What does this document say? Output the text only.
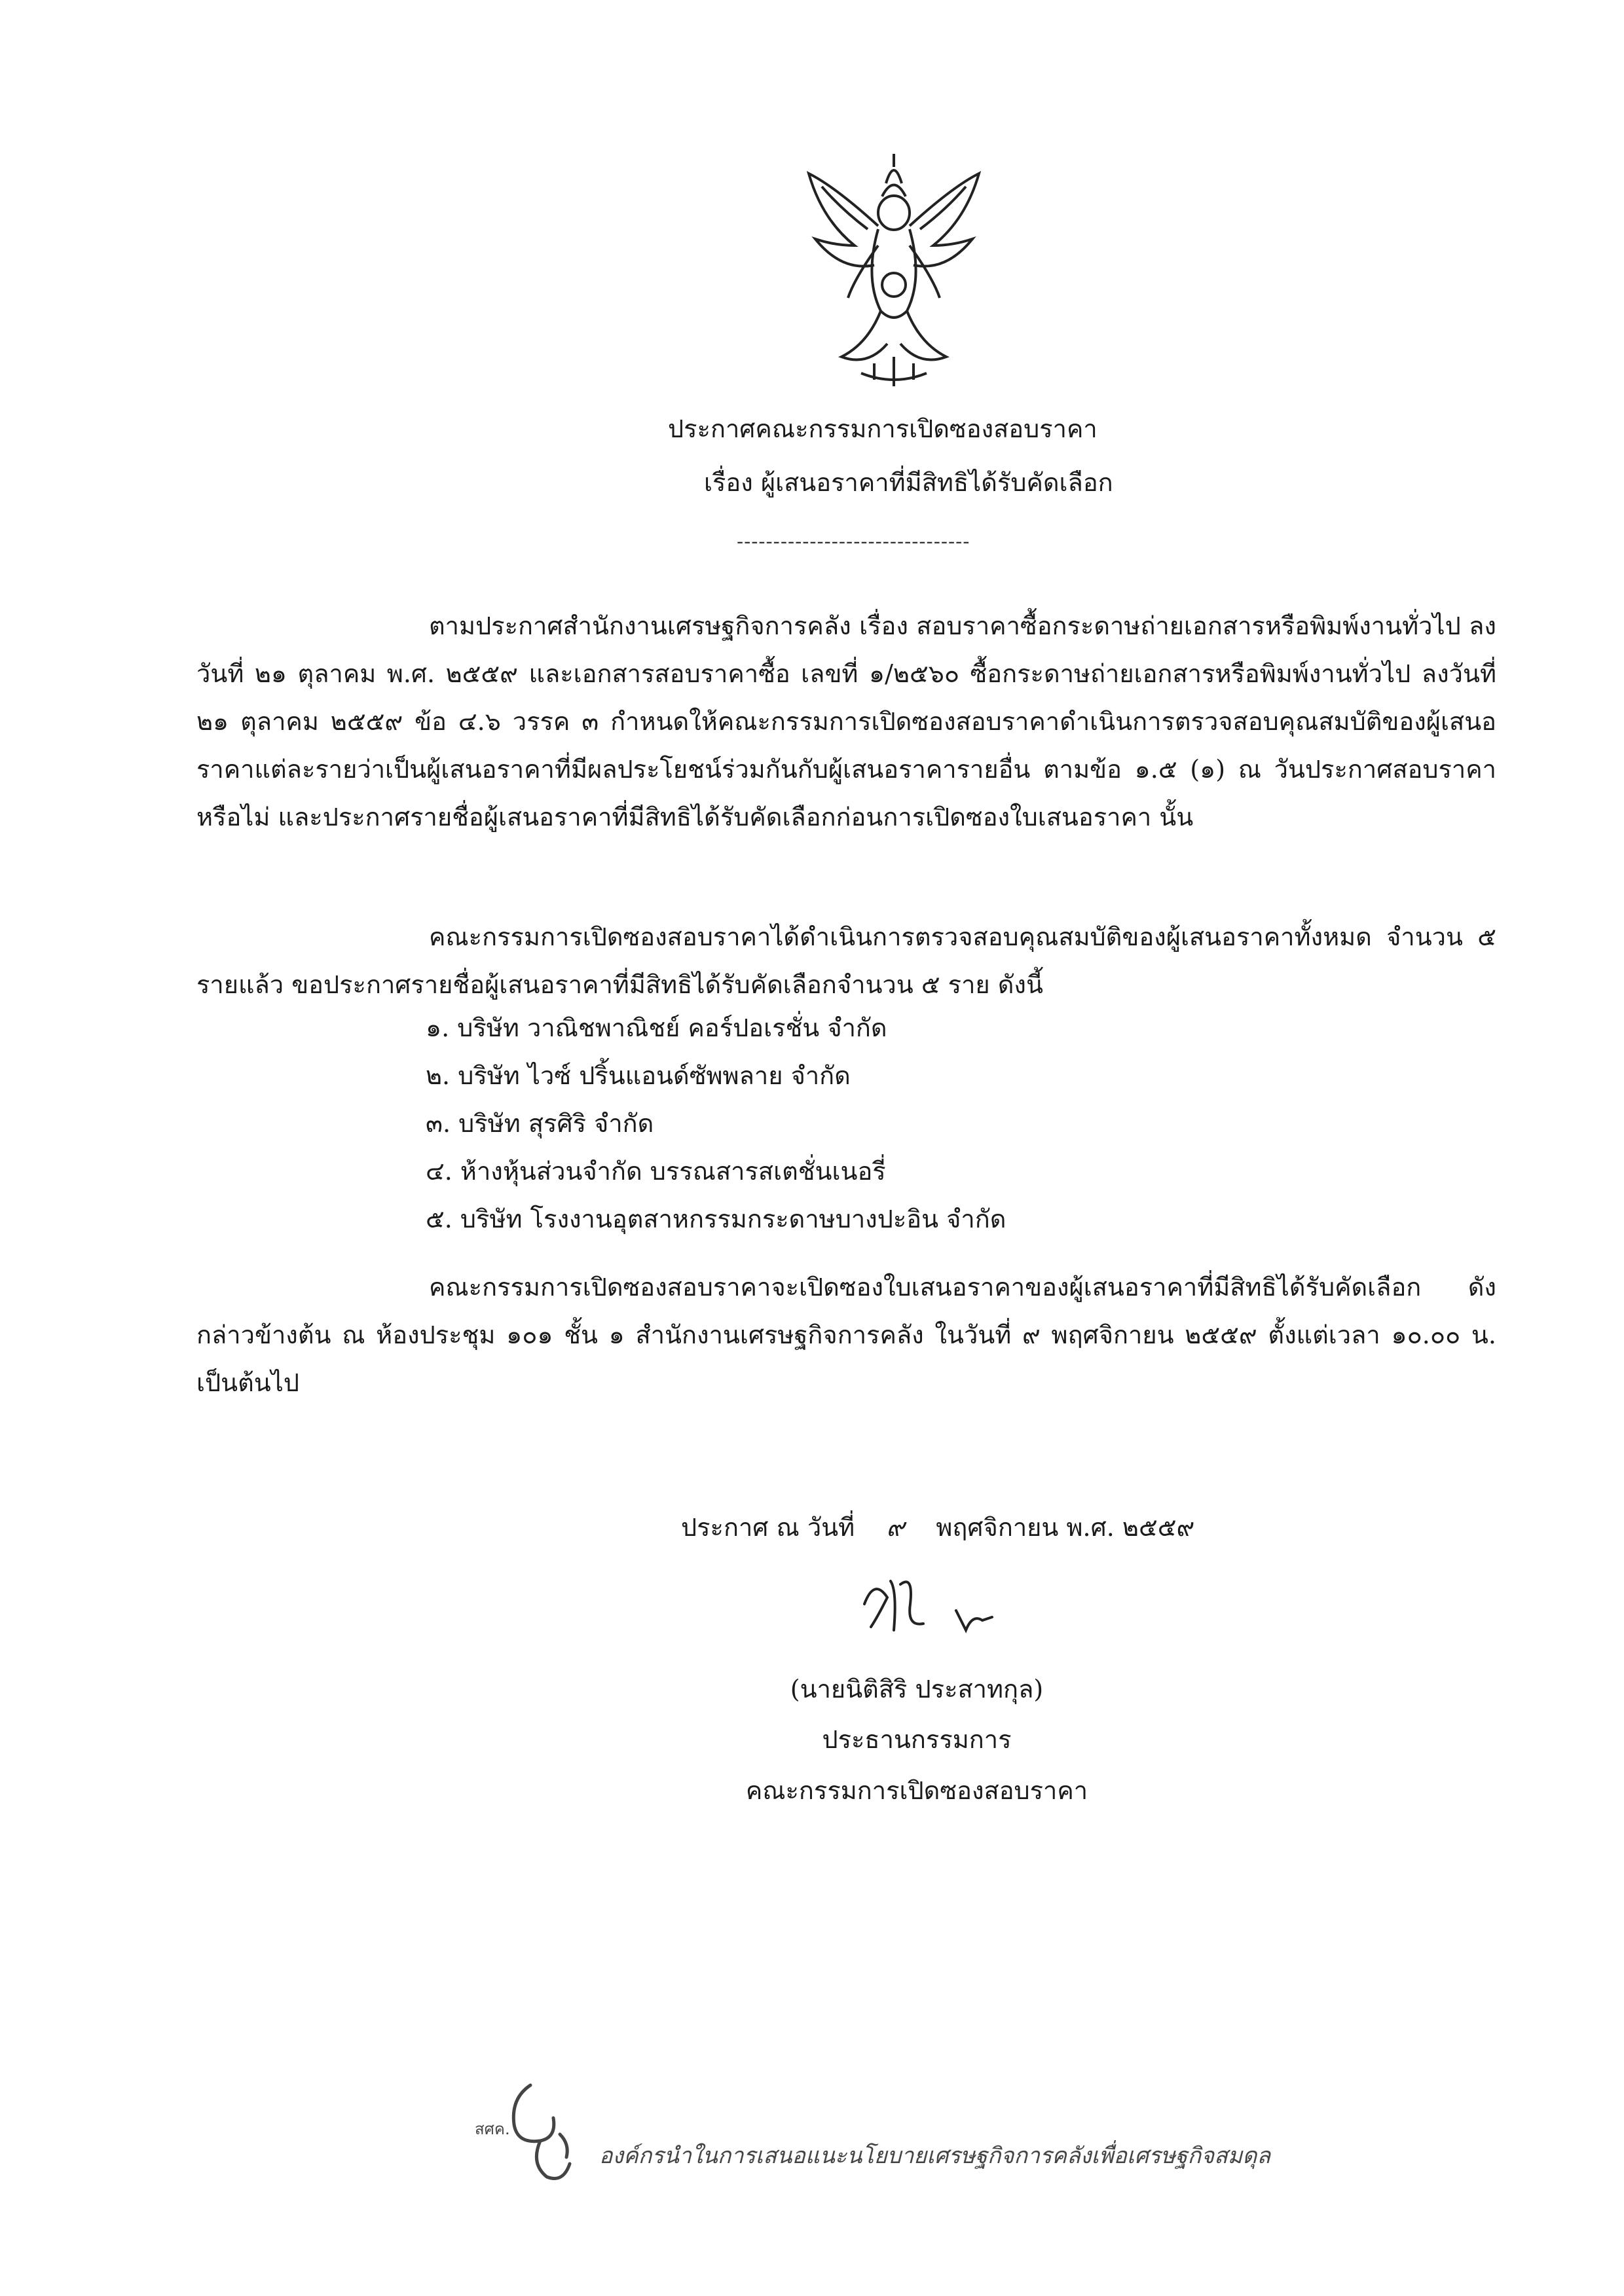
ประกาศคณะกรรมการเปิดซองสอบราคา
เรื่อง ผู้เสนอราคาที่มีสิทธิได้รับคัดเลือก
--------------------------------
ตามประกาศสำนักงานเศรษฐกิจการคลัง เรื่อง สอบราคาซื้อกระดาษถ่ายเอกสารหรือพิมพ์งานทั่วไป ลงวันที่ ๒๑ ตุลาคม พ.ศ. ๒๕๕๙ และเอกสารสอบราคาซื้อ เลขที่ ๑/๒๕๖๐ ซื้อกระดาษถ่ายเอกสารหรือพิมพ์งานทั่วไป ลงวันที่ ๒๑ ตุลาคม ๒๕๕๙ ข้อ ๔.๖ วรรค ๓ กำหนดให้คณะกรรมการเปิดซองสอบราคาดำเนินการตรวจสอบคุณสมบัติของผู้เสนอราคาแต่ละรายว่าเป็นผู้เสนอราคาที่มีผลประโยชน์ร่วมกันกับผู้เสนอราคารายอื่น ตามข้อ ๑.๕ (๑) ณ วันประกาศสอบราคาหรือไม่ และประกาศรายชื่อผู้เสนอราคาที่มีสิทธิได้รับคัดเลือกก่อนการเปิดซองใบเสนอราคา นั้น
คณะกรรมการเปิดซองสอบราคาได้ดำเนินการตรวจสอบคุณสมบัติของผู้เสนอราคาทั้งหมด จำนวน ๕ รายแล้ว ขอประกาศรายชื่อผู้เสนอราคาที่มีสิทธิได้รับคัดเลือกจำนวน ๕ ราย ดังนี้
๑. บริษัท วาณิชพาณิชย์ คอร์ปอเรชั่น จำกัด
๒. บริษัท ไวซ์ ปริ้นแอนด์ซัพพลาย จำกัด
๓. บริษัท สุรศิริ จำกัด
๔. ห้างหุ้นส่วนจำกัด บรรณสารสเตชั่นเนอรี่
๕. บริษัท โรงงานอุตสาหกรรมกระดาษบางปะอิน จำกัด
คณะกรรมการเปิดซองสอบราคาจะเปิดซองใบเสนอราคาของผู้เสนอราคาที่มีสิทธิได้รับคัดเลือก ดังกล่าวข้างต้น ณ ห้องประชุม ๑๐๑ ชั้น ๑ สำนักงานเศรษฐกิจการคลัง ในวันที่ ๙ พฤศจิกายน ๒๕๕๙ ตั้งแต่เวลา ๑๐.๐๐ น. เป็นต้นไป
ประกาศ ณ วันที่ ๙ พฤศจิกายน พ.ศ. ๒๕๕๙
(นายนิติสิริ ประสาทกุล)
ประธานกรรมการ
คณะกรรมการเปิดซองสอบราคา
สศค.
องค์กรนำในการเสนอแนะนโยบายเศรษฐกิจการคลังเพื่อเศรษฐกิจสมดุล
